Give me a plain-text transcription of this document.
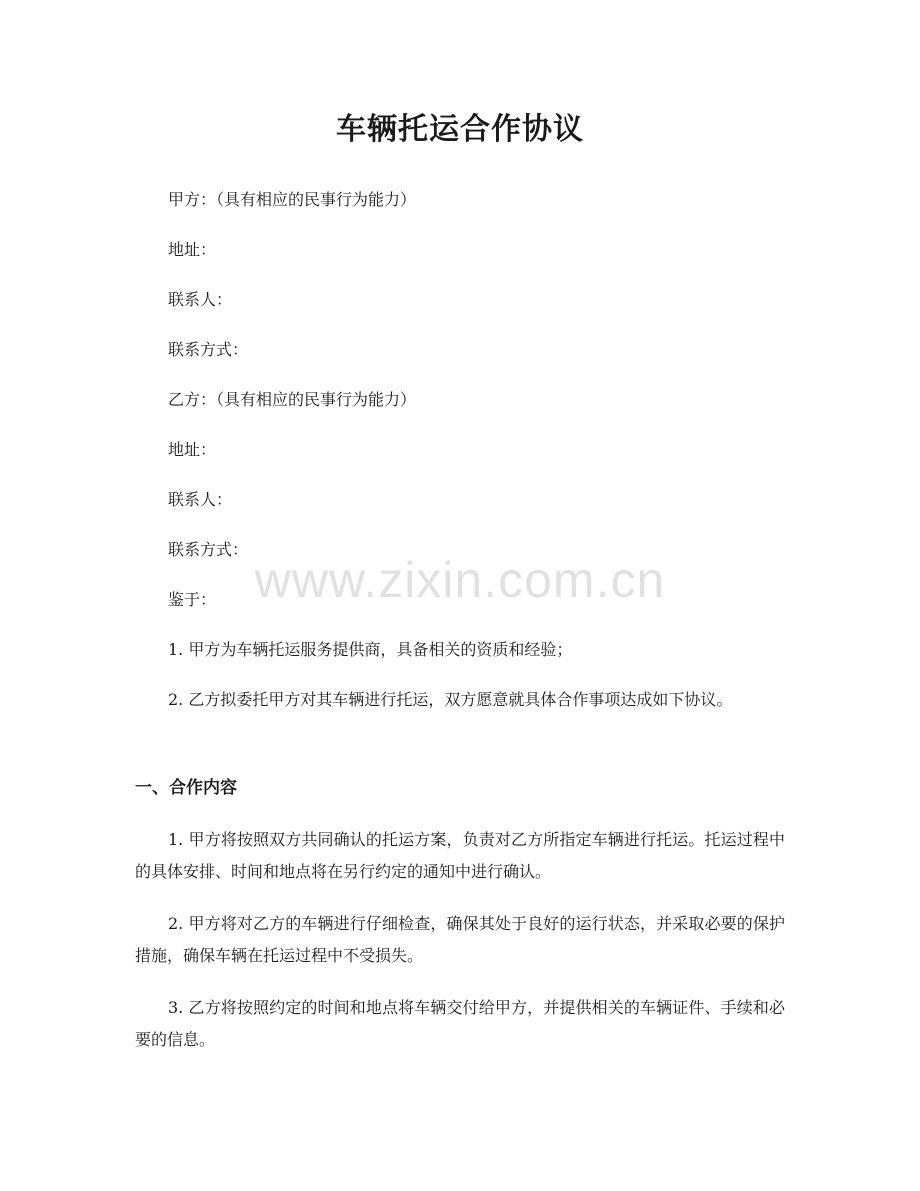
车辆托运合作协议

甲方：（具有相应的民事行为能力）

地址：

联系人：

联系方式：

乙方：（具有相应的民事行为能力）

地址：

联系人：

联系方式：

鉴于：

1. 甲方为车辆托运服务提供商，具备相关的资质和经验；

2. 乙方拟委托甲方对其车辆进行托运，双方愿意就具体合作事项达成如下协议。

一、合作内容

1. 甲方将按照双方共同确认的托运方案，负责对乙方所指定车辆进行托运。托运过程中的具体安排、时间和地点将在另行约定的通知中进行确认。

2. 甲方将对乙方的车辆进行仔细检查，确保其处于良好的运行状态，并采取必要的保护措施，确保车辆在托运过程中不受损失。

3. 乙方将按照约定的时间和地点将车辆交付给甲方，并提供相关的车辆证件、手续和必要的信息。

www.zixin.com.cn
